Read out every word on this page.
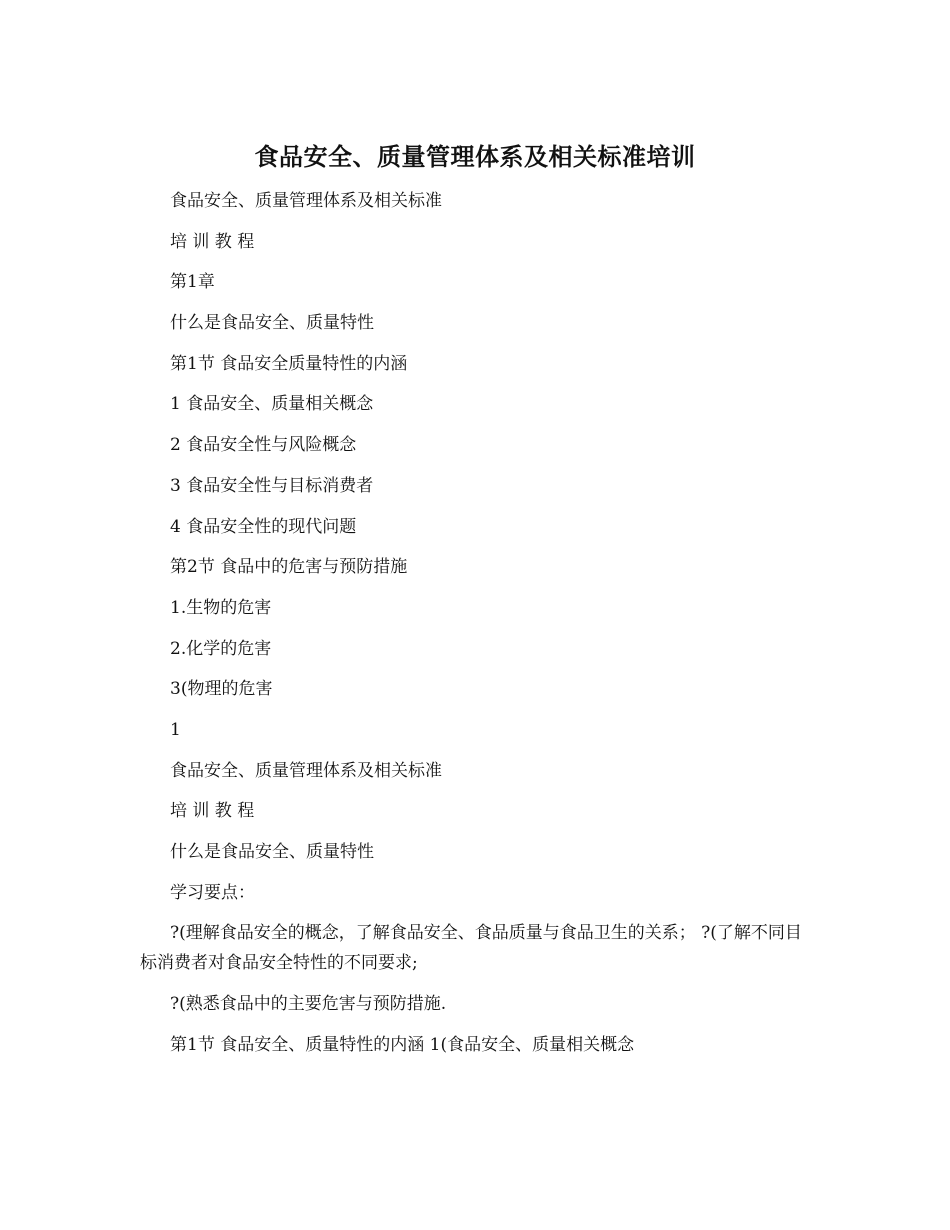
食品安全、质量管理体系及相关标准培训

食品安全、质量管理体系及相关标准

培 训 教 程

第1章

什么是食品安全、质量特性

第1节 食品安全质量特性的内涵

1 食品安全、质量相关概念

2 食品安全性与风险概念

3 食品安全性与目标消费者

4 食品安全性的现代问题

第2节 食品中的危害与预防措施

1.生物的危害

2.化学的危害

3(物理的危害

1

食品安全、质量管理体系及相关标准

培 训 教 程

什么是食品安全、质量特性

学习要点：

?(理解食品安全的概念，了解食品安全、食品质量与食品卫生的关系； ?(了解不同目标消费者对食品安全特性的不同要求;

?(熟悉食品中的主要危害与预防措施.

第1节 食品安全、质量特性的内涵 1(食品安全、质量相关概念
